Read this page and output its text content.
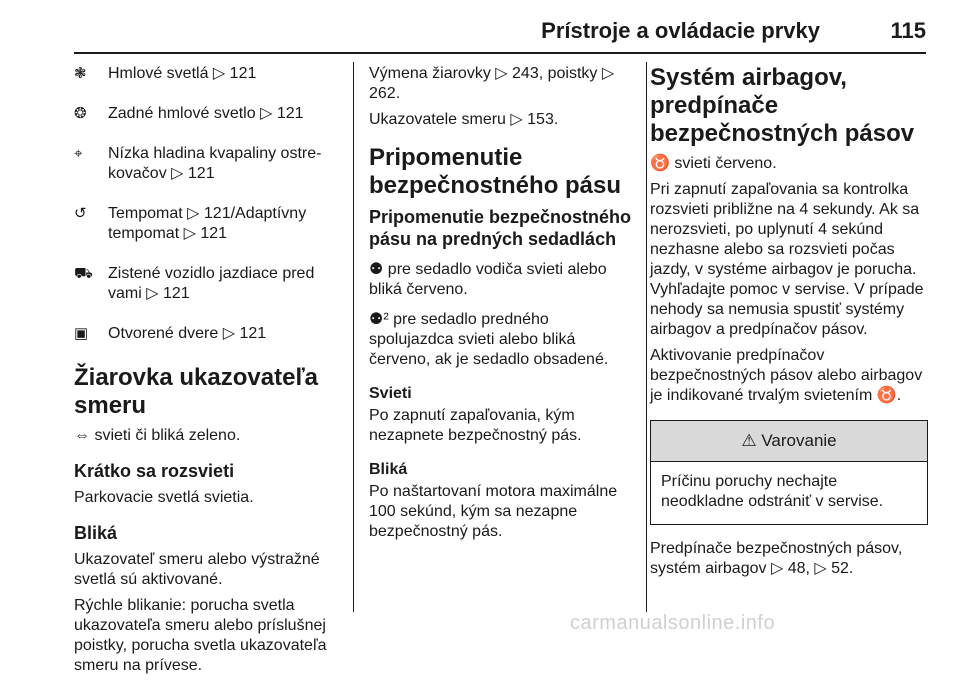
Prístroje a ovládacie prvky	115
❃	Hmlové svetlá ▷ 121
❂	Zadné hmlové svetlo ▷ 121
⌖	Nízka hladina kvapaliny ostre-kovačov ▷ 121
↺	Tempomat ▷ 121/Adaptívny tempomat ▷ 121
⛟ Zistené vozidlo jazdiace pred vami ▷ 121
▣	Otvorené dvere ▷ 121
Žiarovka ukazovateľa smeru

⇔ svieti či bliká zeleno.

Krátko sa rozsvieti

Parkovacie svetlá svietia.

Bliká

Ukazovateľ smeru alebo výstražné svetlá sú aktivované.

Rýchle blikanie: porucha svetla ukazovateľa smeru alebo príslušnej poistky, porucha svetla ukazovateľa smeru na prívese.

Výmena žiarovky ▷ 243, poistky ▷ 262.

Ukazovatele smeru ▷ 153.

Pripomenutie bezpečnostného pásu
Pripomenutie bezpečnostného pásu na predných sedadlách

⚉ pre sedadlo vodiča svieti alebo bliká červeno.

⚉² pre sedadlo predného spolujazdca svieti alebo bliká červeno, ak je sedadlo obsadené.

Svieti

Po zapnutí zapaľovania, kým nezapnete bezpečnostný pás.

Bliká

Po naštartovaní motora maximálne 100 sekúnd, kým sa nezapne bezpečnostný pás.

Systém airbagov, predpínače bezpečnostných pásov

♉ svieti červeno.

Pri zapnutí zapaľovania sa kontrolka rozsvieti približne na 4 sekundy. Ak sa nerozsvieti, po uplynutí 4 sekúnd nezhasne alebo sa rozsvieti počas jazdy, v systéme airbagov je porucha. Vyhľadajte pomoc v servise. V prípade nehody sa nemusia spustiť systémy airbagov a predpínačov pásov.

Aktivovanie predpínačov bezpečnostných pásov alebo airbagov je indikované trvalým svietením ♉.

⚠ Varovanie
Príčinu poruchy nechajte neodkladne odstrániť v servise.

Predpínače bezpečnostných pásov, systém airbagov ▷ 48, ▷ 52.

carmanualsonline.info
